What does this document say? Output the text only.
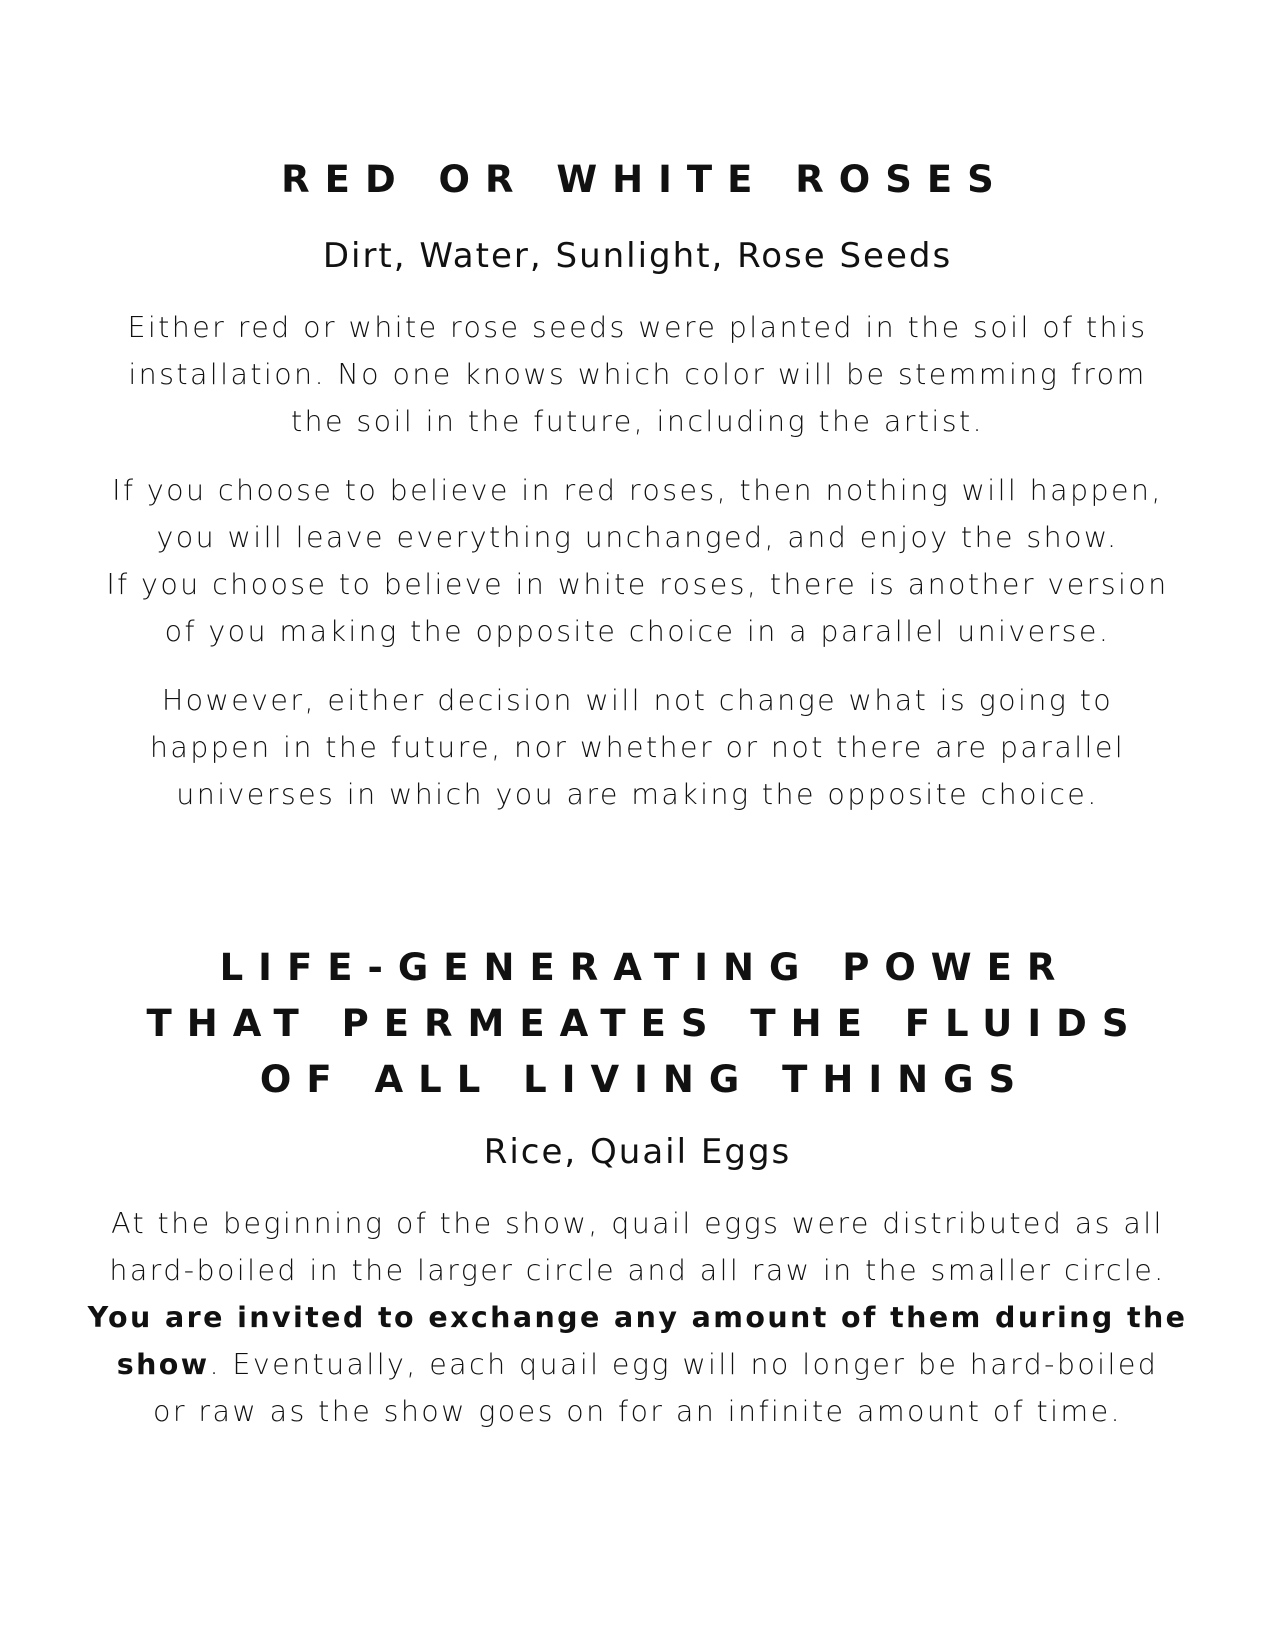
RED OR WHITE ROSES
Dirt, Water, Sunlight, Rose Seeds

Either red or white rose seeds were planted in the soil of this
installation. No one knows which color will be stemming from
the soil in the future, including the artist.

If you choose to believe in red roses, then nothing will happen,
you will leave everything unchanged, and enjoy the show.
If you choose to believe in white roses, there is another version
of you making the opposite choice in a parallel universe.

However, either decision will not change what is going to
happen in the future, nor whether or not there are parallel
universes in which you are making the opposite choice.

LIFE-GENERATING POWER
THAT PERMEATES THE FLUIDS
OF ALL LIVING THINGS
Rice, Quail Eggs

At the beginning of the show, quail eggs were distributed as all
hard-boiled in the larger circle and all raw in the smaller circle.
You are invited to exchange any amount of them during the
show. Eventually, each quail egg will no longer be hard-boiled
or raw as the show goes on for an infinite amount of time.
